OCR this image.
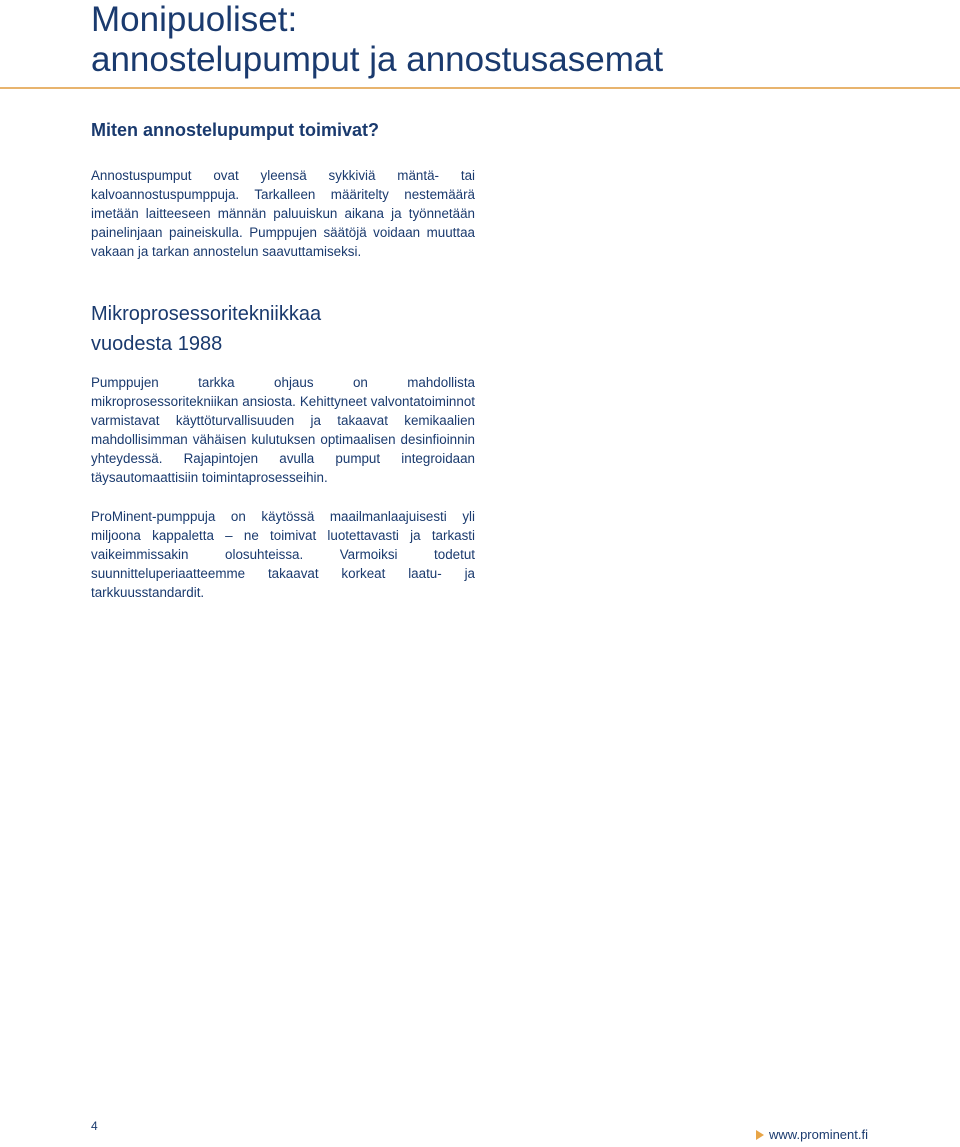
Monipuoliset:
annostelupumput ja annostusasemat
Miten annostelupumput toimivat?

Annostuspumput ovat yleensä sykkiviä mäntä- tai kalvoannostuspumppuja. Tarkalleen määritelty nestemäärä imetään laitteeseen männän paluuiskun aikana ja työnnetään painelinjaan paineiskulla. Pumppujen säätöjä voidaan muuttaa vakaan ja tarkan annostelun saavuttamiseksi.

Mikroprosessoritekniikkaa
vuodesta 1988

Pumppujen tarkka ohjaus on mahdollista mikroprosessoritekniikan ansiosta. Kehittyneet valvontatoiminnot varmistavat käyttöturvallisuuden ja takaavat kemikaalien mahdollisimman vähäisen kulutuksen optimaalisen desinfioinnin yhteydessä. Rajapintojen avulla pumput integroidaan täysautomaattisiin toimintaprosesseihin.

ProMinent-pumppuja on käytössä maailmanlaajuisesti yli miljoona kappaletta – ne toimivat luotettavasti ja tarkasti vaikeimmissakin olosuhteissa. Varmoiksi todetut suunnitteluperiaatteemme takaavat korkeat laatu- ja tarkkuusstandardit.

4
www.prominent.fi
